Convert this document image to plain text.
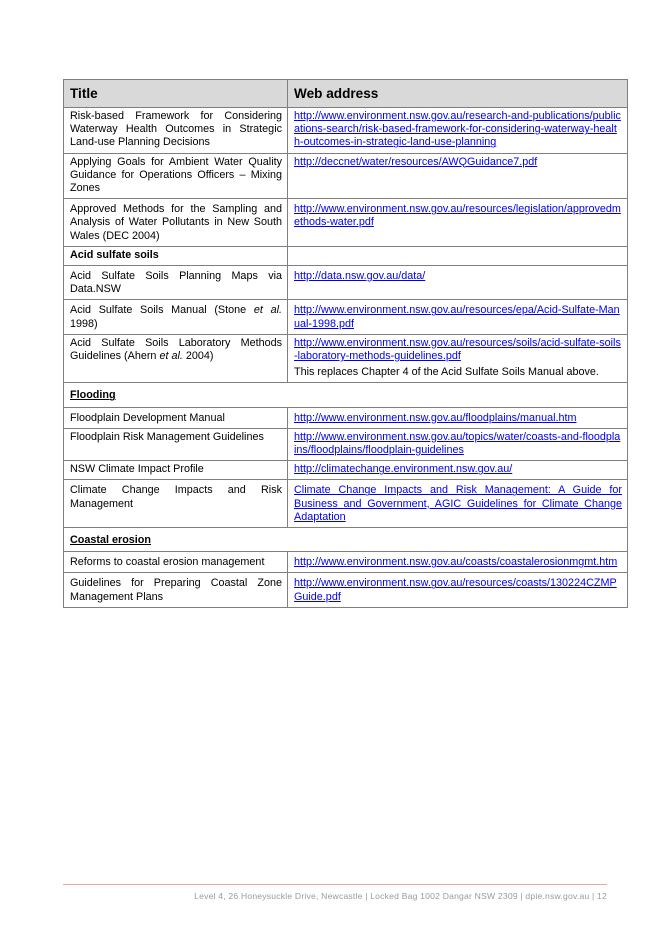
Title	Web address
Risk-based Framework for Considering Waterway Health Outcomes in Strategic Land-use Planning Decisions	http://www.environment.nsw.gov.au/research-and-publications/publications-search/risk-based-framework-for-considering-waterway-health-outcomes-in-strategic-land-use-planning
Applying Goals for Ambient Water Quality Guidance for Operations Officers – Mixing Zones	http://deccnet/water/resources/AWQGuidance7.pdf
Approved Methods for the Sampling and Analysis of Water Pollutants in New South Wales (DEC 2004)	http://www.environment.nsw.gov.au/resources/legislation/approvedmethods-water.pdf
Acid sulfate soils	
Acid Sulfate Soils Planning Maps via Data.NSW	http://data.nsw.gov.au/data/
Acid Sulfate Soils Manual (Stone et al. 1998)	http://www.environment.nsw.gov.au/resources/epa/Acid-Sulfate-Manual-1998.pdf
Acid Sulfate Soils Laboratory Methods Guidelines (Ahern et al. 2004)	http://www.environment.nsw.gov.au/resources/soils/acid-sulfate-soils-laboratory-methods-guidelines.pdf
This replaces Chapter 4 of the Acid Sulfate Soils Manual above.

Flooding	
Floodplain Development Manual	http://www.environment.nsw.gov.au/floodplains/manual.htm
Floodplain Risk Management Guidelines	http://www.environment.nsw.gov.au/topics/water/coasts-and-floodplains/floodplains/floodplain-guidelines
NSW Climate Impact Profile	http://climatechange.environment.nsw.gov.au/
Climate Change Impacts and Risk Management	Climate Change Impacts and Risk Management: A Guide for Business and Government, AGIC Guidelines for Climate Change Adaptation
Coastal erosion	
Reforms to coastal erosion management	http://www.environment.nsw.gov.au/coasts/coastalerosionmgmt.htm
Guidelines for Preparing Coastal Zone Management Plans	http://www.environment.nsw.gov.au/resources/coasts/130224CZMPGuide.pdf
Level 4, 26 Honeysuckle Drive, Newcastle | Locked Bag 1002 Dangar NSW 2309 | dpie.nsw.gov.au | 12
